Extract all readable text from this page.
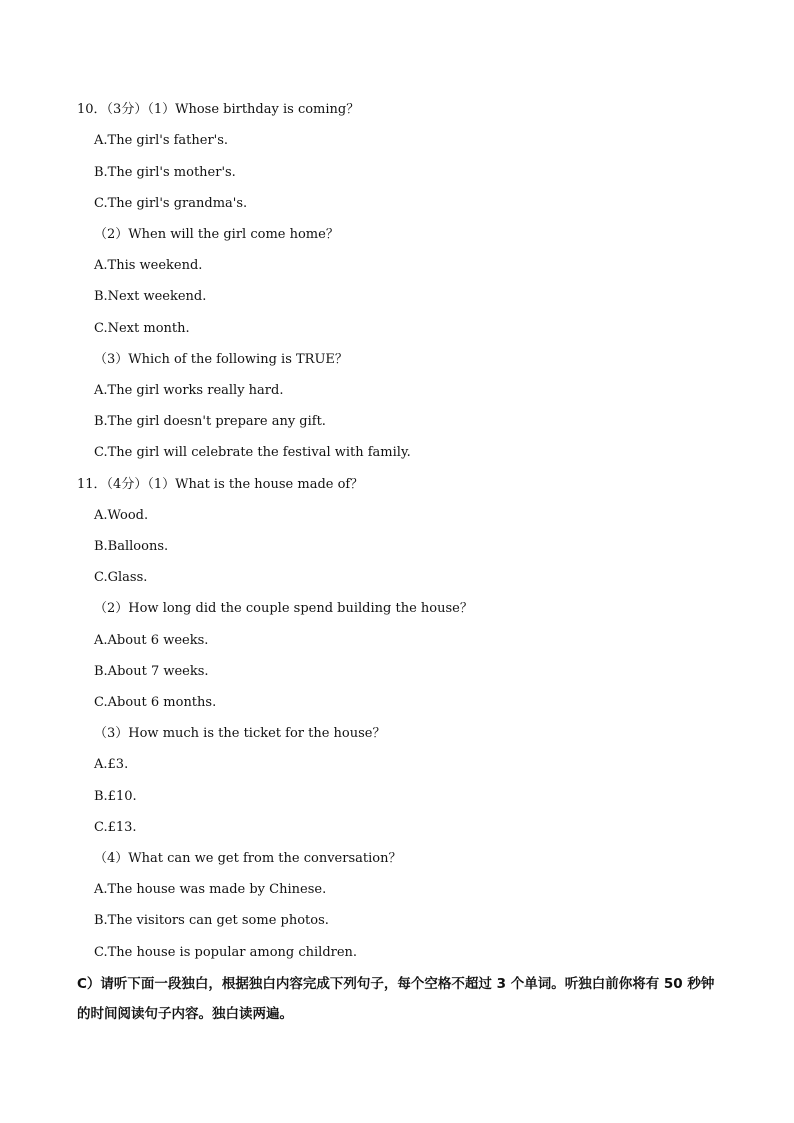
10．（3分）（1）Whose birthday is coming？
A.The girl's father's.
B.The girl's mother's.
C.The girl's grandma's.
（2）When will the girl come home？
A.This weekend.
B.Next weekend.
C.Next month.
（3）Which of the following is TRUE？
A.The girl works really hard.
B.The girl doesn't prepare any gift.
C.The girl will celebrate the festival with family.
11．（4分）（1）What is the house made of？
A.Wood.
B.Balloons.
C.Glass.
（2）How long did the couple spend building the house？
A.About 6 weeks.
B.About 7 weeks.
C.About 6 months.
（3）How much is the ticket for the house？
A.£3.
B.£10.
C.£13.
（4）What can we get from the conversation？
A.The house was made by Chinese.
B.The visitors can get some photos.
C.The house is popular among children.
C）请听下面一段独白，根据独白内容完成下列句子，每个空格不超过 3 个单词。听独白前你将有 50 秒钟
的时间阅读句子内容。独白读两遍。
